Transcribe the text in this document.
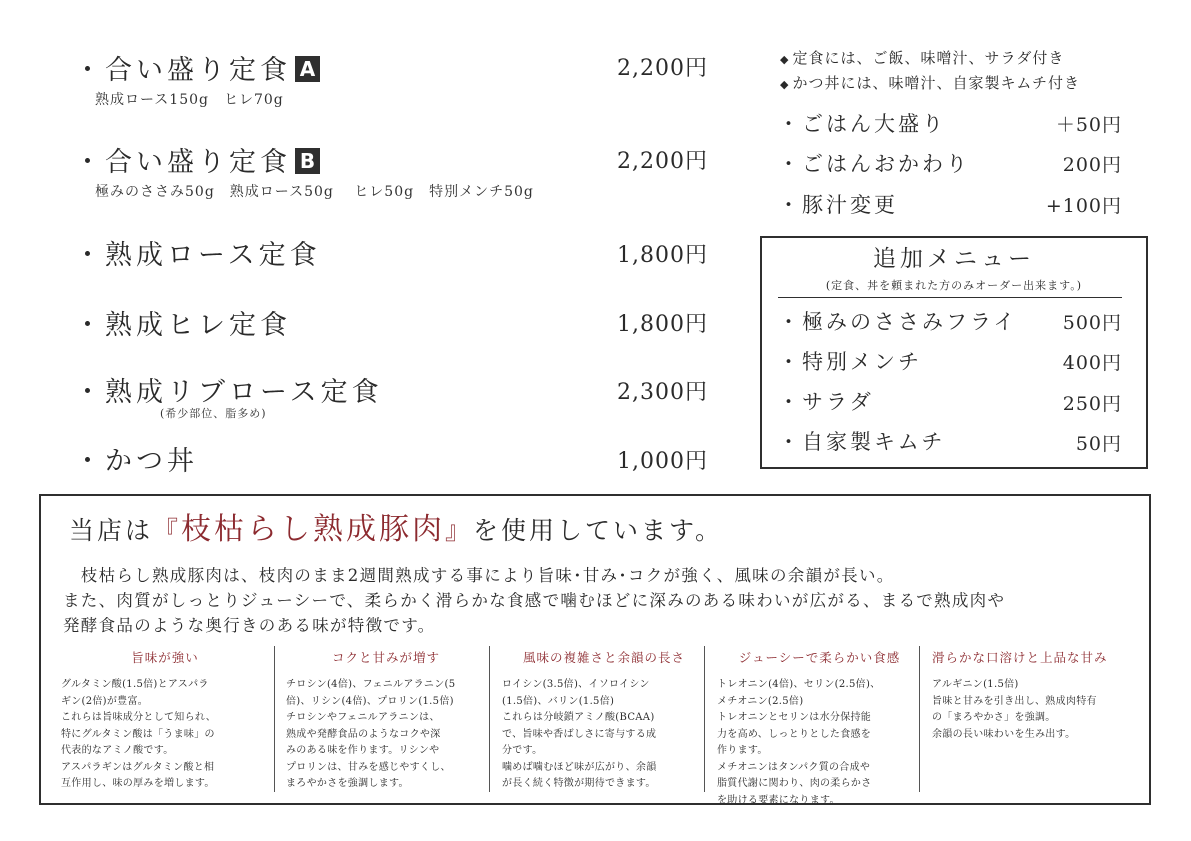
・ 合い盛り定食 A	2,200円
熟成ロース150g　ヒレ70g
・ 合い盛り定食 B	2,200円
極みのささみ50g　熟成ロース50g　 ヒレ50g　特別メンチ50g
・ 熟成ロース定食	1,800円
・ 熟成ヒレ定食	1,800円
・ 熟成リブロース定食	2,300円
(希少部位、脂多め)
・ かつ丼	1,000円
◆ 定食には、ご飯、味噌汁、サラダ付き
◆ かつ丼には、味噌汁、自家製キムチ付き
・ ごはん大盛り	＋50円
・ ごはんおかわり	200円
・ 豚汁変更	+100円
追加メニュー
(定食、丼を頼まれた方のみオーダー出来ます。)
・ 極みのささみフライ	500円
・ 特別メンチ	400円
・ サラダ	250円
・ 自家製キムチ	50円
当店は『枝枯らし熟成豚肉』を使用しています。
　枝枯らし熟成豚肉は、枝肉のまま2週間熟成する事により旨味･甘み･コクが強く、風味の余韻が長い。
また、肉質がしっとりジューシーで、柔らかく滑らかな食感で噛むほどに深みのある味わいが広がる、まるで熟成肉や
発酵食品のような奥行きのある味が特徴です。
旨味が強い
グルタミン酸(1.5倍)とアスパラ
ギン(2倍)が豊富。
これらは旨味成分として知られ、
特にグルタミン酸は「うま味」の
代表的なアミノ酸です。
アスパラギンはグルタミン酸と相
互作用し、味の厚みを増します。
コクと甘みが増す
チロシン(4倍)、フェニルアラニン(5
倍)、リシン(4倍)、プロリン(1.5倍)
チロシンやフェニルアラニンは、
熟成や発酵食品のようなコクや深
みのある味を作ります。リシンや
プロリンは、甘みを感じやすくし、
まろやかさを強調します。
風味の複雑さと余韻の長さ
ロイシン(3.5倍)、イソロイシン
(1.5倍)、バリン(1.5倍)
これらは分岐鎖アミノ酸(BCAA)
で、旨味や香ばしさに寄与する成
分です。
噛めば噛むほど味が広がり、余韻
が長く続く特徴が期待できます。
ジューシーで柔らかい食感
トレオニン(4倍)、セリン(2.5倍)、
メチオニン(2.5倍)
トレオニンとセリンは水分保持能
力を高め、しっとりとした食感を
作ります。
メチオニンはタンパク質の合成や
脂質代謝に関わり、肉の柔らかさ
を助ける要素になります。
滑らかな口溶けと上品な甘み
アルギニン(1.5倍)
旨味と甘みを引き出し、熟成肉特有
の「まろやかさ」を強調。
余韻の長い味わいを生み出す。
